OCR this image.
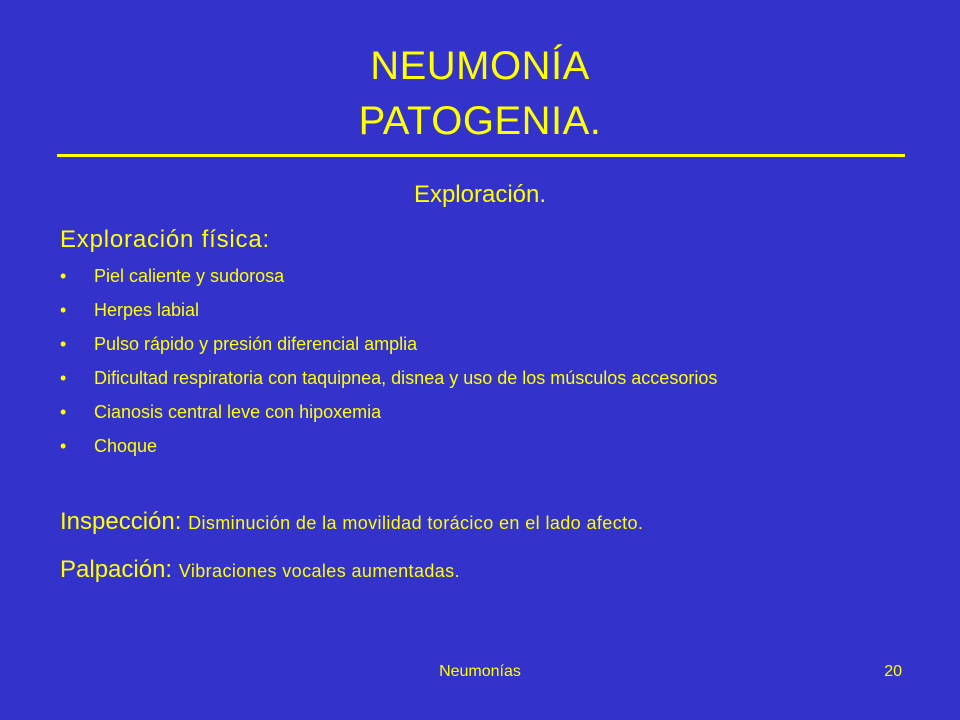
NEUMONÍA
PATOGENIA.
Exploración.
Exploración física:
•	Piel caliente y sudorosa
•	Herpes labial
•	Pulso rápido y presión diferencial amplia
•	Dificultad respiratoria con taquipnea, disnea y uso de los músculos accesorios
•	Cianosis central leve con hipoxemia
•	Choque
Inspección: Disminución de la movilidad torácico en el lado afecto.
Palpación: Vibraciones vocales aumentadas.
Neumonías	20
